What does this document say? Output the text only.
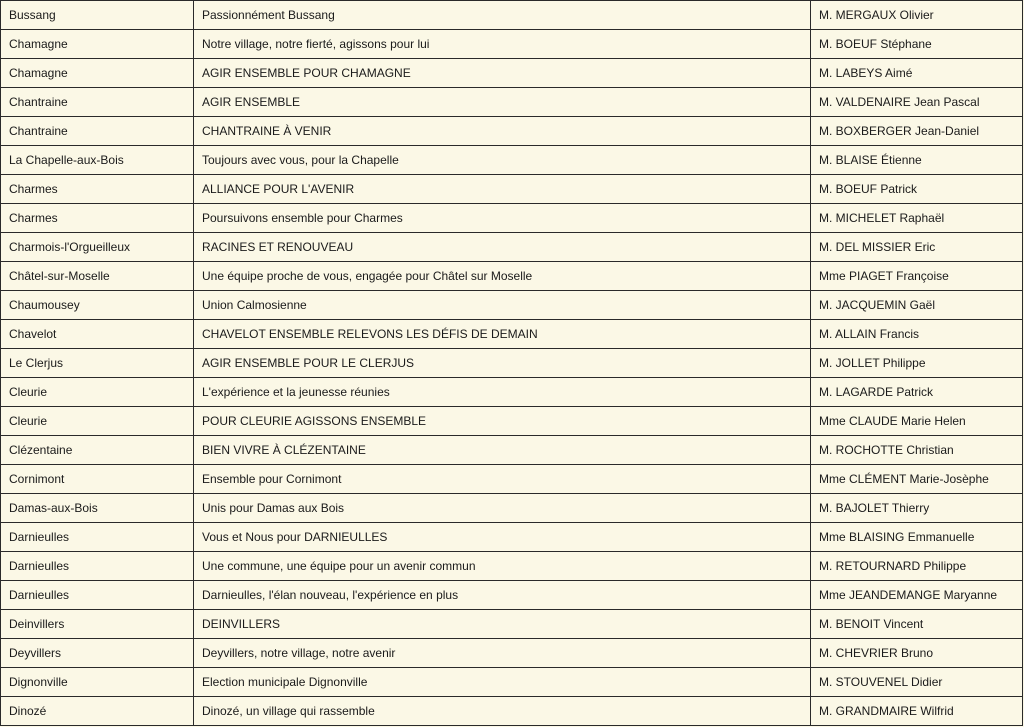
Bussang	Passionnément Bussang	M. MERGAUX Olivier
Chamagne	Notre village, notre fierté, agissons pour lui	M. BOEUF Stéphane
Chamagne	AGIR ENSEMBLE POUR CHAMAGNE	M. LABEYS Aimé
Chantraine	AGIR ENSEMBLE	M. VALDENAIRE Jean Pascal
Chantraine	CHANTRAINE À VENIR	M. BOXBERGER Jean-Daniel
La Chapelle-aux-Bois	Toujours avec vous, pour la Chapelle	M. BLAISE Étienne
Charmes	ALLIANCE POUR L'AVENIR	M. BOEUF Patrick
Charmes	Poursuivons ensemble pour Charmes	M. MICHELET Raphaël
Charmois-l'Orgueilleux	RACINES ET RENOUVEAU	M. DEL MISSIER Eric
Châtel-sur-Moselle	Une équipe proche de vous, engagée pour Châtel sur Moselle	Mme PIAGET Françoise
Chaumousey	Union Calmosienne	M. JACQUEMIN Gaël
Chavelot	CHAVELOT ENSEMBLE RELEVONS LES DÉFIS DE DEMAIN	M. ALLAIN Francis
Le Clerjus	AGIR ENSEMBLE POUR LE CLERJUS	M. JOLLET Philippe
Cleurie	L'expérience et la jeunesse réunies	M. LAGARDE Patrick
Cleurie	POUR CLEURIE AGISSONS ENSEMBLE	Mme CLAUDE Marie Helen
Clézentaine	BIEN VIVRE À CLÉZENTAINE	M. ROCHOTTE Christian
Cornimont	Ensemble pour Cornimont	Mme CLÉMENT Marie-Josèphe
Damas-aux-Bois	Unis pour Damas aux Bois	M. BAJOLET Thierry
Darnieulles	Vous et Nous pour DARNIEULLES	Mme BLAISING Emmanuelle
Darnieulles	Une commune, une équipe pour un avenir commun	M. RETOURNARD Philippe
Darnieulles	Darnieulles, l'élan nouveau, l'expérience en plus	Mme JEANDEMANGE Maryanne
Deinvillers	DEINVILLERS	M. BENOIT Vincent
Deyvillers	Deyvillers, notre village, notre avenir	M. CHEVRIER Bruno
Dignonville	Election municipale Dignonville	M. STOUVENEL Didier
Dinozé	Dinozé, un village qui rassemble	M. GRANDMAIRE Wilfrid
